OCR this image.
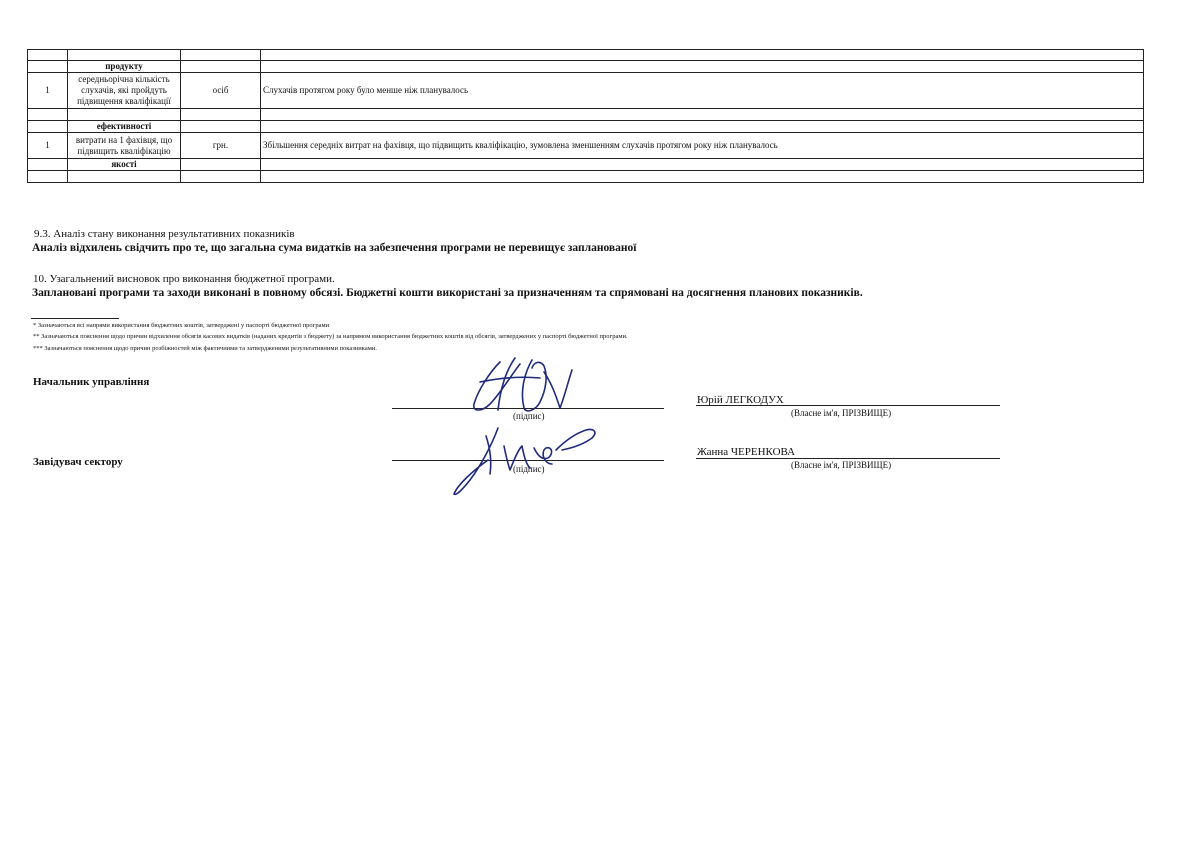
	продукту		
1	середньорічна кількість слухачів, які пройдуть підвищення кваліфікації	осіб	Слухачів протягом року було менше ніж планувалось

	ефективності		
1	витрати на 1 фахівця, що підвищить кваліфікацію	грн.	Збільшення середніх витрат на фахівця, що підвищить кваліфікацію, зумовлена зменшенням слухачів протягом року ніж планувалось
	якості		

9.3. Аналіз стану виконання результативних показників
Аналіз відхилень свідчить про те, що загальна сума видатків на забезпечення програми не перевищує запланованої
10. Узагальнений висновок про виконання бюджетної програми.
Заплановані програми та заходи виконані в повному обсязі. Бюджетні кошти використані за призначенням та спрямовані на досягнення планових показників.
* Зазначаються всі напрями використання бюджетних коштів, затверджені у паспорті бюджетної програми
** Зазначаються пояснення щодо причин відхилення обсягів касових видатків (наданих кредитів з бюджету) за напрямом використання бюджетних коштів від обсягів, затверджених у паспорті бюджетної програми.
*** Зазначаються пояснення щодо причин розбіжностей між фактичними та затвердженими результативними показниками.
Начальник управління
(підпис)
Юрій ЛЕГКОДУХ
(Власне ім'я, ПРІЗВИЩЕ)
Завідувач сектору
(підпис)
Жанна ЧЕРЕНКОВА
(Власне ім'я, ПРІЗВИЩЕ)
